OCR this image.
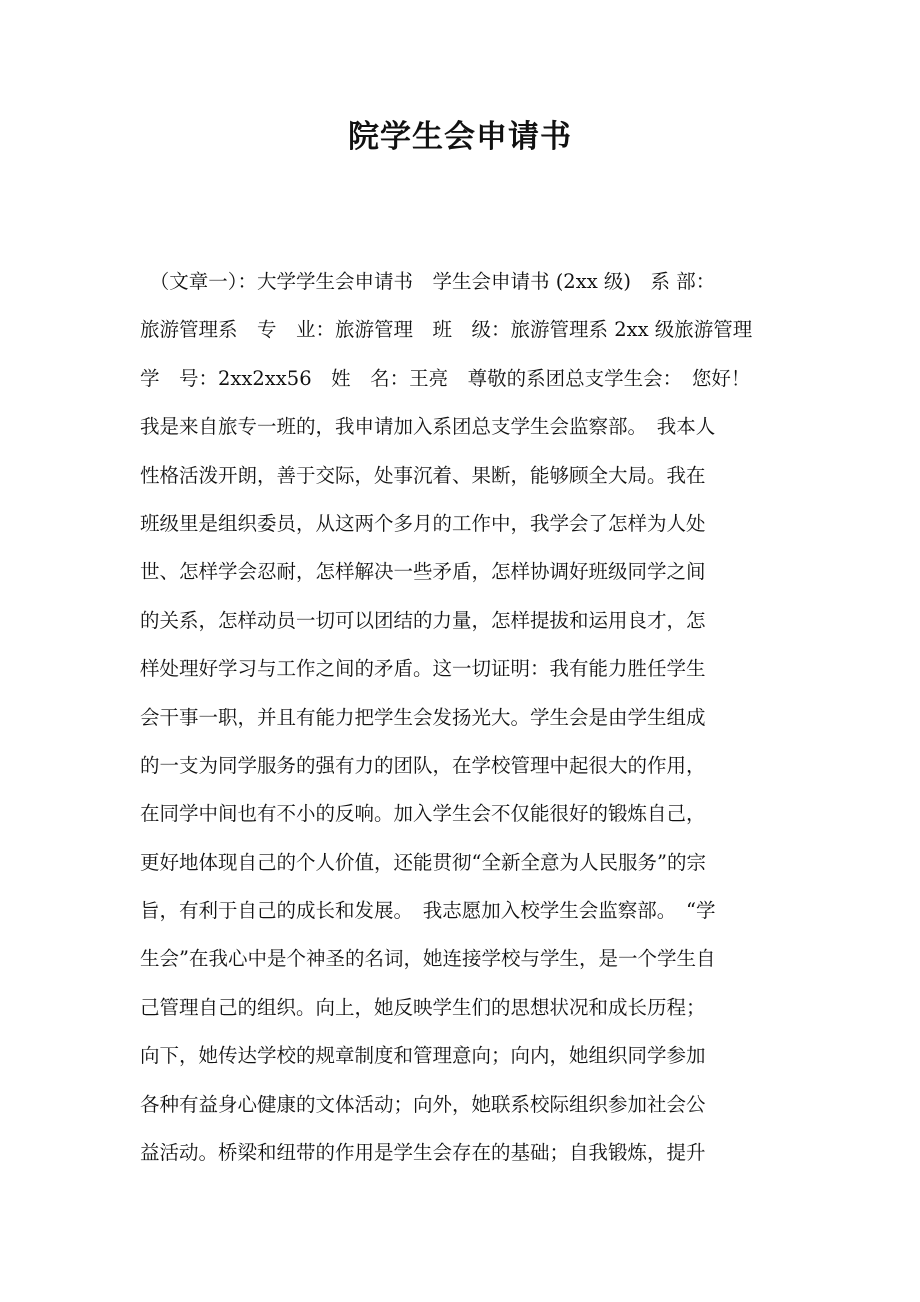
院学生会申请书
　（文章一）：大学学生会申请书　学生会申请书 (2xx 级)　系 部：
旅游管理系　专　业：旅游管理　班　级：旅游管理系 2xx 级旅游管理
学　号：2xx2xx56　姓　名：王亮　尊敬的系团总支学生会：　您好！
我是来自旅专一班的，我申请加入系团总支学生会监察部。　我本人
性格活泼开朗，善于交际，处事沉着、果断，能够顾全大局。我在
班级里是组织委员，从这两个多月的工作中，我学会了怎样为人处
世、怎样学会忍耐，怎样解决一些矛盾，怎样协调好班级同学之间
的关系，怎样动员一切可以团结的力量，怎样提拔和运用良才，怎
样处理好学习与工作之间的矛盾。这一切证明：我有能力胜任学生
会干事一职，并且有能力把学生会发扬光大。学生会是由学生组成
的一支为同学服务的强有力的团队，在学校管理中起很大的作用，
在同学中间也有不小的反响。加入学生会不仅能很好的锻炼自己，
更好地体现自己的个人价值，还能贯彻“全新全意为人民服务”的宗
旨，有利于自己的成长和发展。　我志愿加入校学生会监察部。　“学
生会”在我心中是个神圣的名词，她连接学校与学生，是一个学生自
己管理自己的组织。向上，她反映学生们的思想状况和成长历程；
向下，她传达学校的规章制度和管理意向；向内，她组织同学参加
各种有益身心健康的文体活动；向外，她联系校际组织参加社会公
益活动。桥梁和纽带的作用是学生会存在的基础；自我锻炼，提升
